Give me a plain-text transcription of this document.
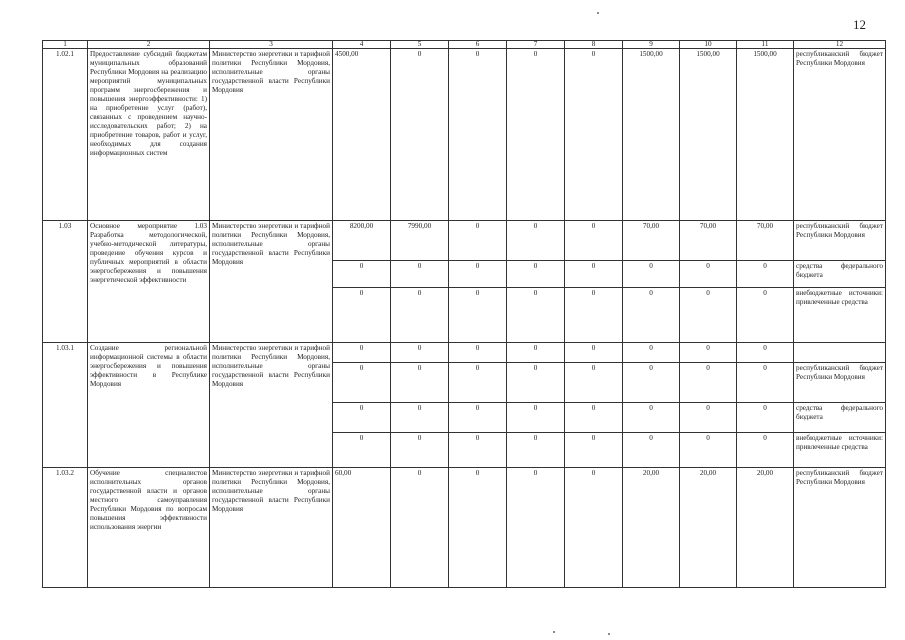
12
1	2	3	4	5	6	7	8	9	10	11	12
1.02.1	Предоставление субсидий бюджетам муниципальных образований Республики Мордовия на реализацию мероприятий муниципальных программ энергосбережения и повышения энергоэффективности: 1) на приобретение услуг (работ), связанных с проведением научно-исследовательских работ; 2) на приобретение товаров, работ и услуг, необходимых для создания информационных систем	Министерство энергетики и тарифной политики Республики Мордовия, исполнительные органы государственной власти Республики Мордовия	4500,00	0	0	0	0	1500,00	1500,00	1500,00	республиканский бюджет Республики Мордовия
1.03	Основное мероприятие 1.03 Разработка методологической, учебно-методической литературы, проведение обучения курсов и публичных мероприятий в области энергосбережения и повышения энергетической эффективности	Министерство энергетики и тарифной политики Республики Мордовия, исполнительные органы государственной власти Республики Мордовия	8200,00	7990,00	0	0	0	70,00	70,00	70,00	республиканский бюджет Республики Мордовия
			0	0	0	0	0	0	0	0	средства федерального бюджета
			0	0	0	0	0	0	0	0	внебюджетные источники: привлеченные средства
1.03.1	Создание региональной информационной системы в области энергосбережения и повышения эффективности в Республике Мордовия	Министерство энергетики и тарифной политики Республики Мордовия, исполнительные органы государственной власти Республики Мордовия	0	0	0	0	0	0	0	0	
			0	0	0	0	0	0	0	0	республиканский бюджет Республики Мордовия
			0	0	0	0	0	0	0	0	средства федерального бюджета
			0	0	0	0	0	0	0	0	внебюджетные источники: привлеченные средства
1.03.2	Обучение специалистов исполнительных органов государственной власти и органов местного самоуправления Республики Мордовия по вопросам повышения эффективности использования энергии	Министерство энергетики и тарифной политики Республики Мордовия, исполнительные органы государственной власти Республики Мордовия	60,00	0	0	0	0	20,00	20,00	20,00	республиканский бюджет Республики Мордовия
